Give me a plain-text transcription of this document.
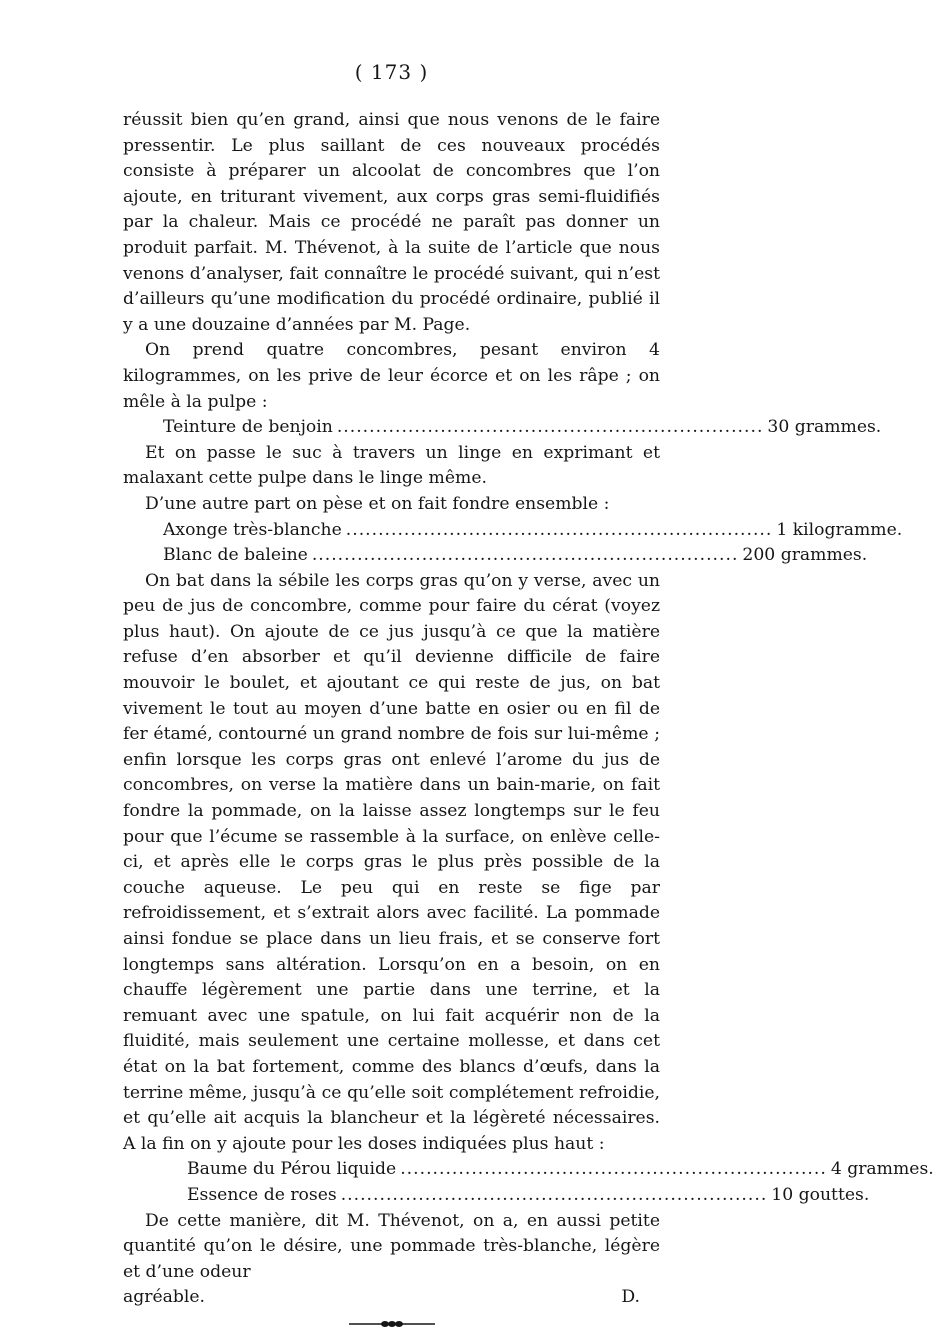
( 173 )

réussit bien qu’en grand, ainsi que nous venons de le faire pressentir. Le plus saillant de ces nouveaux procédés consiste à préparer un alcoolat de concombres que l’on ajoute, en triturant vivement, aux corps gras semi-fluidifiés par la chaleur. Mais ce procédé ne paraît pas donner un produit parfait. M. Thévenot, à la suite de l’article que nous venons d’analyser, fait connaître le procédé suivant, qui n’est d’ailleurs qu’une modification du procédé ordinaire, publié il y a une douzaine d’années par M. Page.

On prend quatre concombres, pesant environ 4 kilogrammes, on les prive de leur écorce et on les râpe ; on mêle à la pulpe :

Teinture de benjoin .................................................................. 30 grammes.

Et on passe le suc à travers un linge en exprimant et malaxant cette pulpe dans le linge même.

D’une autre part on pèse et on fait fondre ensemble :

Axonge très-blanche .................................................................. 1 kilogramme.
Blanc de baleine .................................................................. 200 grammes.

On bat dans la sébile les corps gras qu’on y verse, avec un peu de jus de concombre, comme pour faire du cérat (voyez plus haut). On ajoute de ce jus jusqu’à ce que la matière refuse d’en absorber et qu’il devienne difficile de faire mouvoir le boulet, et ajoutant ce qui reste de jus, on bat vivement le tout au moyen d’une batte en osier ou en fil de fer étamé, contourné un grand nombre de fois sur lui-même ; enfin lorsque les corps gras ont enlevé l’arome du jus de concombres, on verse la matière dans un bain-marie, on fait fondre la pommade, on la laisse assez longtemps sur le feu pour que l’écume se rassemble à la surface, on enlève celle-ci, et après elle le corps gras le plus près possible de la couche aqueuse. Le peu qui en reste se fige par refroidissement, et s’extrait alors avec facilité. La pommade ainsi fondue se place dans un lieu frais, et se conserve fort longtemps sans altération. Lorsqu’on en a besoin, on en chauffe légèrement une partie dans une terrine, et la remuant avec une spatule, on lui fait acquérir non de la fluidité, mais seulement une certaine mollesse, et dans cet état on la bat fortement, comme des blancs d’œufs, dans la terrine même, jusqu’à ce qu’elle soit complétement refroidie, et qu’elle ait acquis la blancheur et la légèreté nécessaires. A la fin on y ajoute pour les doses indiquées plus haut :

Baume du Pérou liquide .................................................................. 4 grammes.
Essence de roses .................................................................. 10 gouttes.

De cette manière, dit M. Thévenot, on a, en aussi petite quantité qu’on le désire, une pommade très-blanche, légère et d’une odeur

agréable.	D.
